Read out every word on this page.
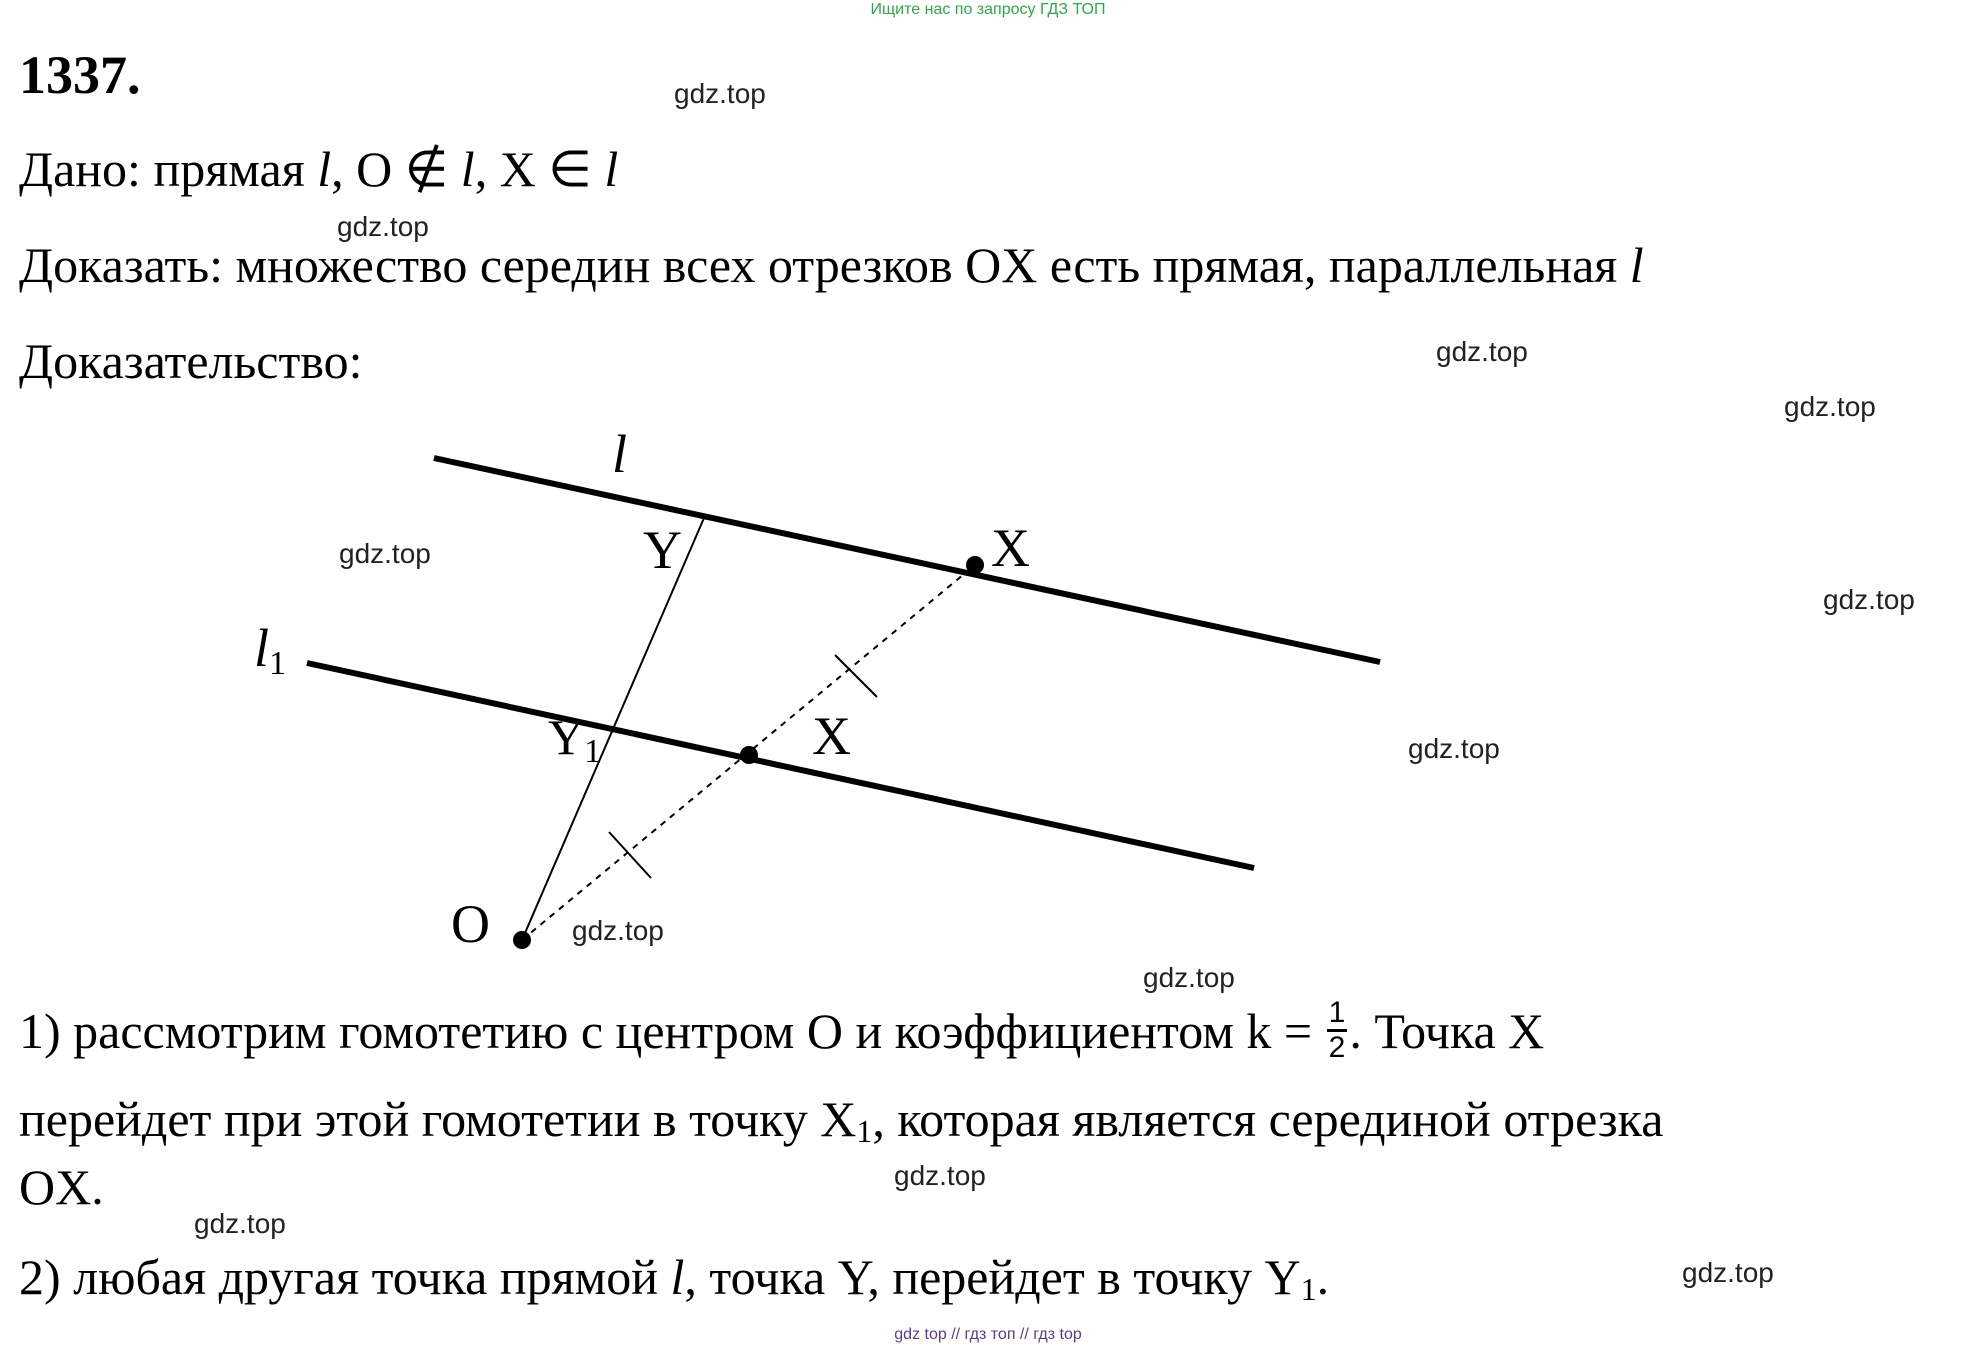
Ищите нас по запросу ГДЗ ТОП
1337.
Дано: прямая l, O ∉ l, X ∈ l
Доказать: множество середин всех отрезков OX есть прямая, параллельная l
Доказательство:
l
l1
Y	X
Y1	X
O
1) рассмотрим гомотетию с центром O и коэффициентом $k = \frac{1}{2}$ . Точка X
перейдет при этой гомотетии в точку $X_1$, которая является серединой отрезка
OX.
2) любая другая точка прямой l, точка Y, перейдет в точку $Y_1$.
gdz.top
gdz.top
gdz.top
gdz.top
gdz.top
gdz.top
gdz.top
gdz.top
gdz.top
gdz.top
gdz.top
gdz.top
gdz top // гдз топ // гдз top
